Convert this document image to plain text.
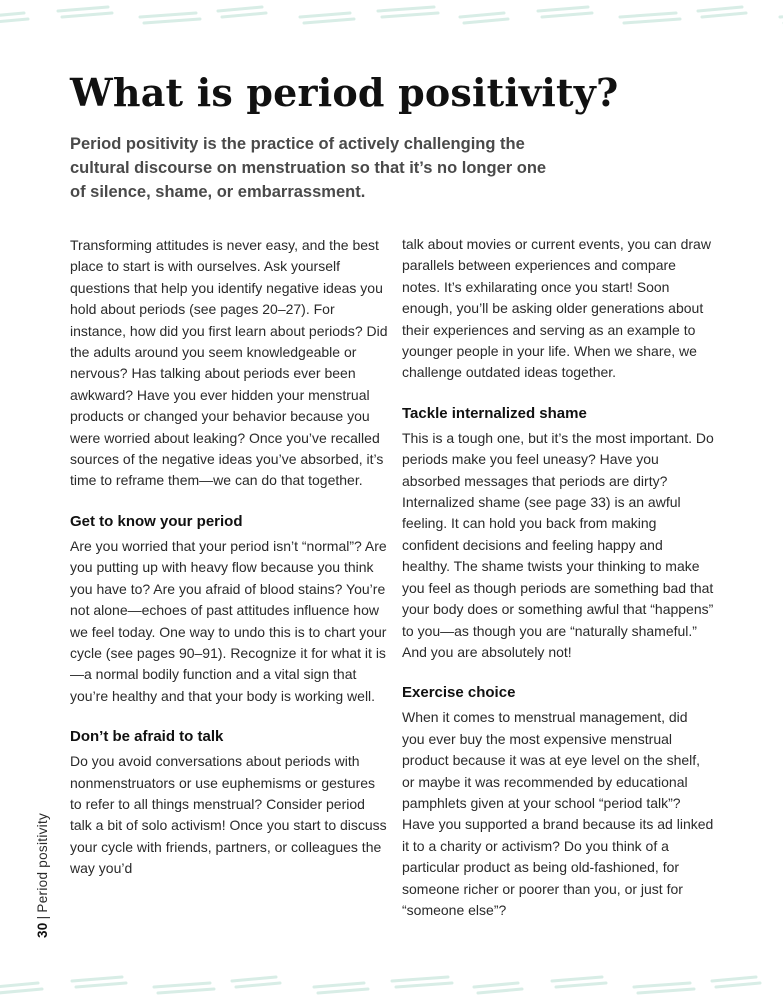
What is period positivity?

Period positivity is the practice of actively challenging the cultural discourse on menstruation so that it’s no longer one of silence, shame, or embarrassment.

Transforming attitudes is never easy, and the best place to start is with ourselves. Ask yourself questions that help you identify negative ideas you hold about periods (see pages 20–27). For instance, how did you first learn about periods? Did the adults around you seem knowledgeable or nervous? Has talking about periods ever been awkward? Have you ever hidden your menstrual products or changed your behavior because you were worried about leaking? Once you’ve recalled sources of the negative ideas you’ve absorbed, it’s time to reframe them—we can do that together.

Get to know your period

Are you worried that your period isn’t “normal”? Are you putting up with heavy flow because you think you have to? Are you afraid of blood stains? You’re not alone—echoes of past attitudes influence how we feel today. One way to undo this is to chart your cycle (see pages 90–91). Recognize it for what it is—a normal bodily function and a vital sign that you’re healthy and that your body is working well.

Don’t be afraid to talk

Do you avoid conversations about periods with nonmenstruators or use euphemisms or gestures to refer to all things menstrual? Consider period talk a bit of solo activism! Once you start to discuss your cycle with friends, partners, or colleagues the way you’d

talk about movies or current events, you can draw parallels between experiences and compare notes. It’s exhilarating once you start! Soon enough, you’ll be asking older generations about their experiences and serving as an example to younger people in your life. When we share, we challenge outdated ideas together.

Tackle internalized shame

This is a tough one, but it’s the most important. Do periods make you feel uneasy? Have you absorbed messages that periods are dirty? Internalized shame (see page 33) is an awful feeling. It can hold you back from making confident decisions and feeling happy and healthy. The shame twists your thinking to make you feel as though periods are something bad that your body does or something awful that “happens” to you—as though you are “naturally shameful.” And you are absolutely not!

Exercise choice

When it comes to menstrual management, did you ever buy the most expensive menstrual product because it was at eye level on the shelf, or maybe it was recommended by educational pamphlets given at your school “period talk”? Have you supported a brand because its ad linked it to a charity or activism? Do you think of a particular product as being old-fashioned, for someone richer or poorer than you, or just for “someone else”?

30|Period positivity
